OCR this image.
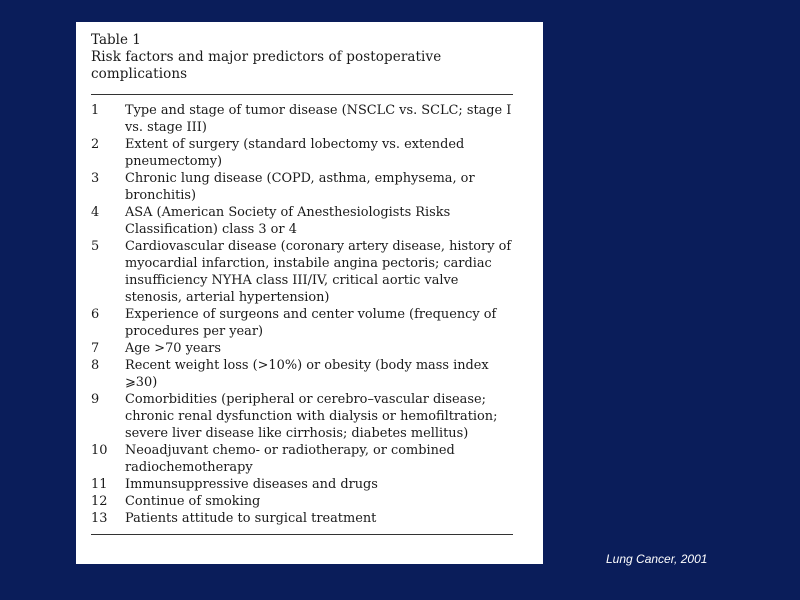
Table 1

Risk factors and major predictors of postoperative complications

1	Type and stage of tumor disease (NSCLC vs. SCLC; stage I vs. stage III)
2	Extent of surgery (standard lobectomy vs. extended pneumectomy)
3	Chronic lung disease (COPD, asthma, emphysema, or bronchitis)
4	ASA (American Society of Anesthesiologists Risks Classification) class 3 or 4
5	Cardiovascular disease (coronary artery disease, history of myocardial infarction, instabile angina pectoris; cardiac insufficiency NYHA class III/IV, critical aortic valve stenosis, arterial hypertension)
6	Experience of surgeons and center volume (frequency of procedures per year)
7	Age >70 years
8	Recent weight loss (>10%) or obesity (body mass index ⩾30)
9	Comorbidities (peripheral or cerebro–vascular disease; chronic renal dysfunction with dialysis or hemofiltration; severe liver disease like cirrhosis; diabetes mellitus)
10	Neoadjuvant chemo- or radiotherapy, or combined radiochemotherapy
11	Immunsuppressive diseases and drugs
12	Continue of smoking
13	Patients attitude to surgical treatment
Lung Cancer, 2001
